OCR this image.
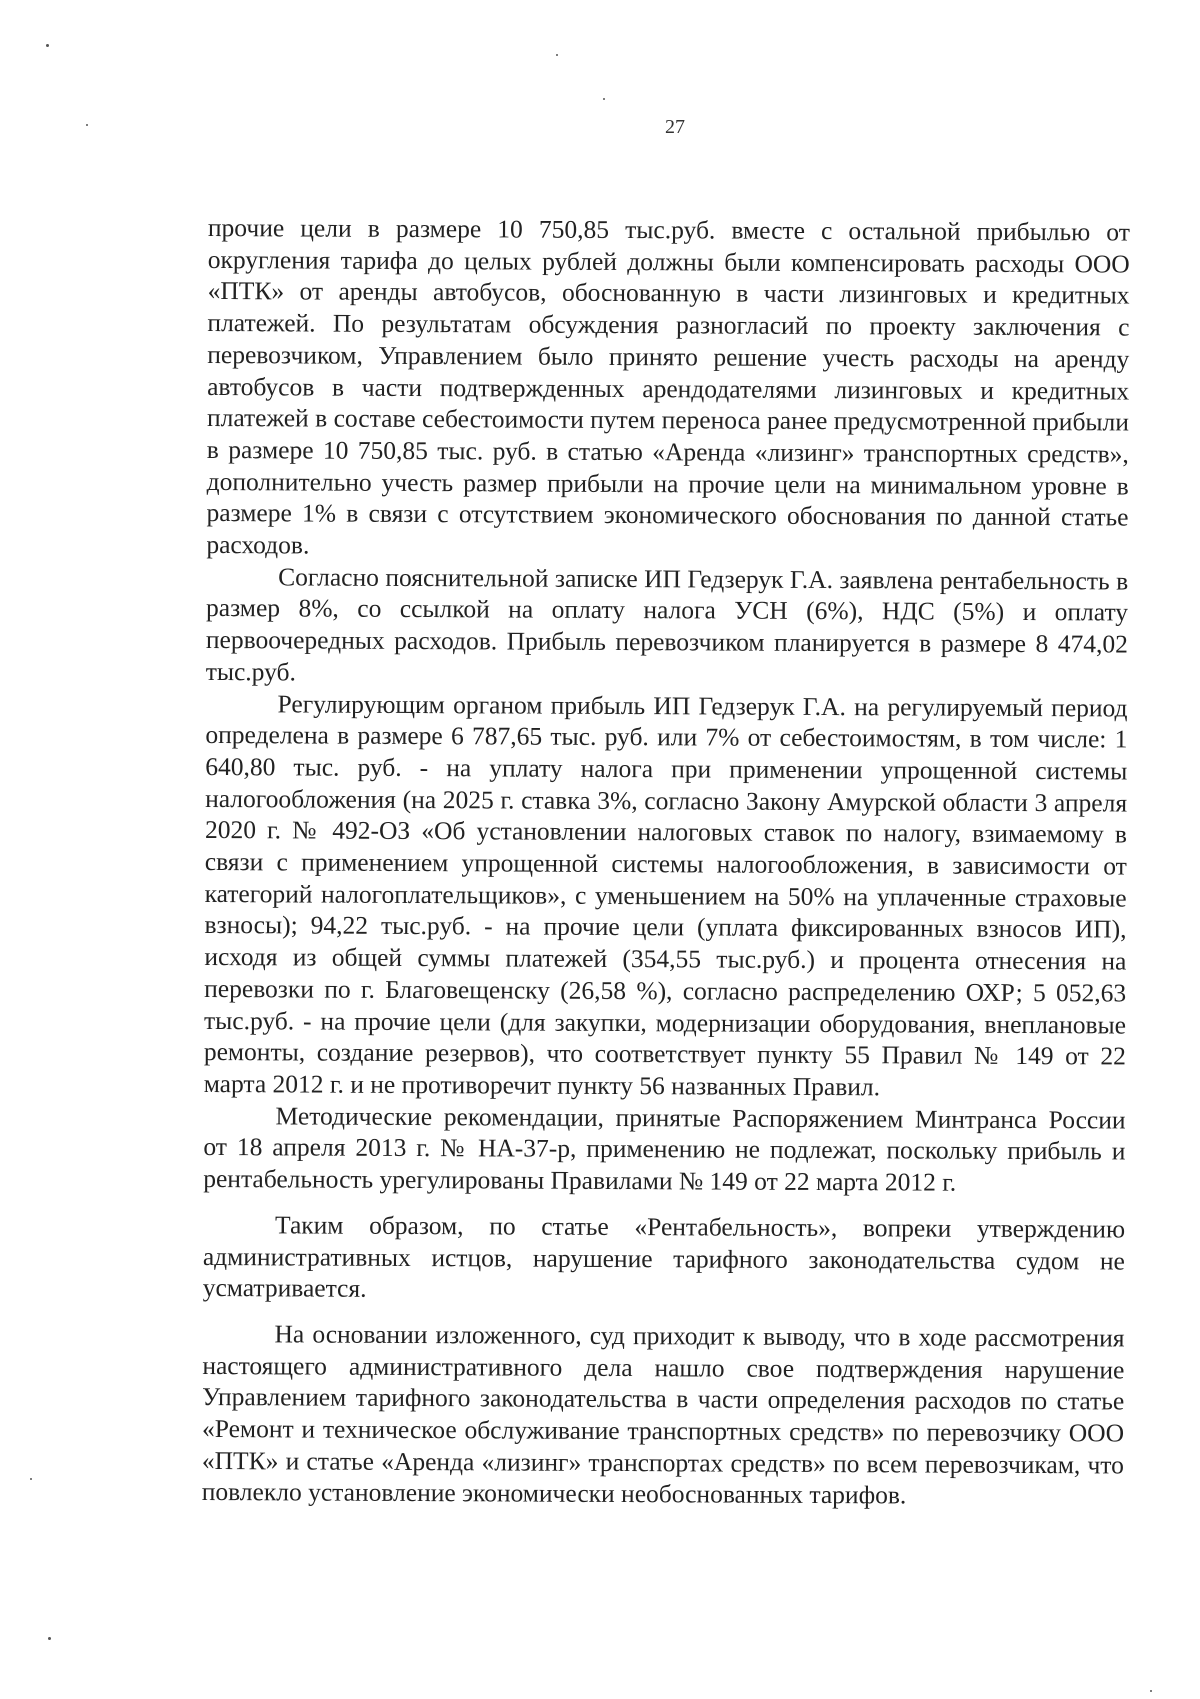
27

прочие цели в размере 10 750,85 тыс.руб. вместе с остальной прибылью от округления тарифа до целых рублей должны были компенсировать расходы ООО «ПТК» от аренды автобусов, обоснованную в части лизинговых и кредитных платежей. По результатам обсуждения разногласий по проекту заключения с перевозчиком, Управлением было принято решение учесть расходы на аренду автобусов в части подтвержденных арендодателями лизинговых и кредитных платежей в составе себестоимости путем переноса ранее предусмотренной прибыли в размере 10 750,85 тыс. руб. в статью «Аренда «лизинг» транспортных средств», дополнительно учесть размер прибыли на прочие цели на минимальном уровне в размере 1% в связи с отсутствием экономического обоснования по данной статье расходов.

Согласно пояснительной записке ИП Гедзерук Г.А. заявлена рентабельность в размер 8%, со ссылкой на оплату налога УСН (6%), НДС (5%) и оплату первоочередных расходов. Прибыль перевозчиком планируется в размере 8 474,02 тыс.руб.

Регулирующим органом прибыль ИП Гедзерук Г.А. на регулируемый период определена в размере 6 787,65 тыс. руб. или 7% от себестоимостям, в том числе: 1 640,80 тыс. руб. - на уплату налога при применении упрощенной системы налогообложения (на 2025 г. ставка 3%, согласно Закону Амурской области 3 апреля 2020 г. № 492-ОЗ «Об установлении налоговых ставок по налогу, взимаемому в связи с применением упрощенной системы налогообложения, в зависимости от категорий налогоплательщиков», с уменьшением на 50% на уплаченные страховые взносы); 94,22 тыс.руб. - на прочие цели (уплата фиксированных взносов ИП), исходя из общей суммы платежей (354,55 тыс.руб.) и процента отнесения на перевозки по г. Благовещенску (26,58 %), согласно распределению ОХР; 5 052,63 тыс.руб. - на прочие цели (для закупки, модернизации оборудования, внеплановые ремонты, создание резервов), что соответствует пункту 55 Правил № 149 от 22 марта 2012 г. и не противоречит пункту 56 названных Правил.

Методические рекомендации, принятые Распоряжением Минтранса России от 18 апреля 2013 г. № НА-37-р, применению не подлежат, поскольку прибыль и рентабельность урегулированы Правилами № 149 от 22 марта 2012 г.

Таким образом, по статье «Рентабельность», вопреки утверждению административных истцов, нарушение тарифного законодательства судом не усматривается.

На основании изложенного, суд приходит к выводу, что в ходе рассмотрения настоящего административного дела нашло свое подтверждения нарушение Управлением тарифного законодательства в части определения расходов по статье «Ремонт и техническое обслуживание транспортных средств» по перевозчику ООО «ПТК» и статье «Аренда «лизинг» транспортах средств» по всем перевозчикам, что повлекло установление экономически необоснованных тарифов.
